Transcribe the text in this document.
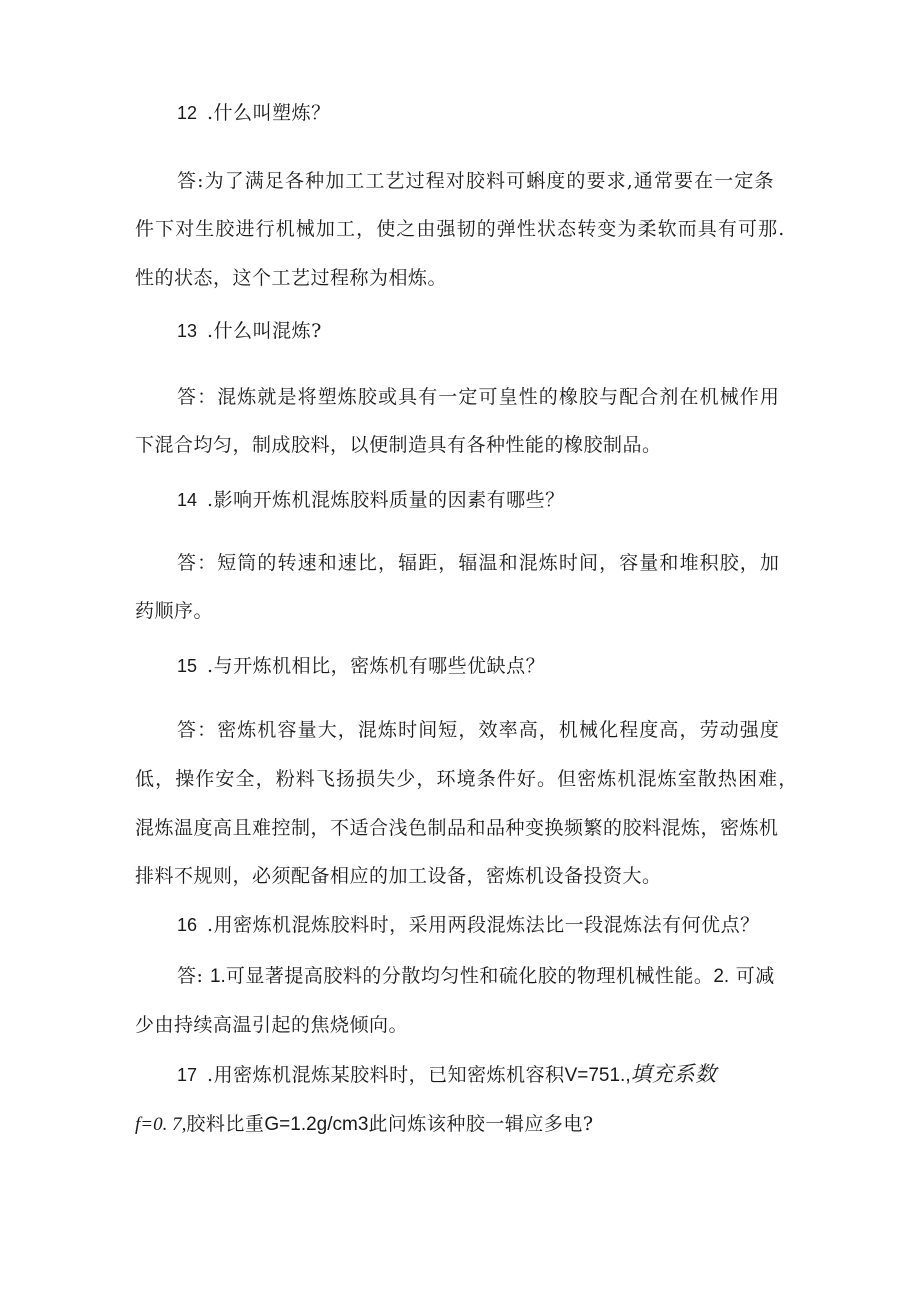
12 .什么叫塑炼？
答:为了满足各种加工工艺过程对胶料可蝌度的要求,通常要在一定条
件下对生胶进行机械加工，使之由强韧的弹性状态转变为柔软而具有可那.
性的状态，这个工艺过程称为相炼。
13 .什么叫混炼?
答：混炼就是将塑炼胶或具有一定可皇性的橡胶与配合剂在机械作用
下混合均匀，制成胶料，以便制造具有各种性能的橡胶制品。
14 .影响开炼机混炼胶料质量的因素有哪些？
答：短筒的转速和速比，辐距，辐温和混炼时间，容量和堆积胶，加
药顺序。
15 .与开炼机相比，密炼机有哪些优缺点？
答：密炼机容量大，混炼时间短，效率高，机械化程度高，劳动强度
低，操作安全，粉料飞扬损失少，环境条件好。但密炼机混炼室散热困难，
混炼温度高且难控制，不适合浅色制品和品种变换频繁的胶料混炼，密炼机
排料不规则，必须配备相应的加工设备，密炼机设备投资大。
16 .用密炼机混炼胶料时，采用两段混炼法比一段混炼法有何优点？
答: 1.可显著提高胶料的分散均匀性和硫化胶的物理机械性能。2. 可减
少由持续高温引起的焦烧倾向。
17 .用密炼机混炼某胶料时，已知密炼机容积V=751.,填充系数
f=0. 7,胶料比重G=1.2g/cm3此问炼该种胶一辑应多电?
